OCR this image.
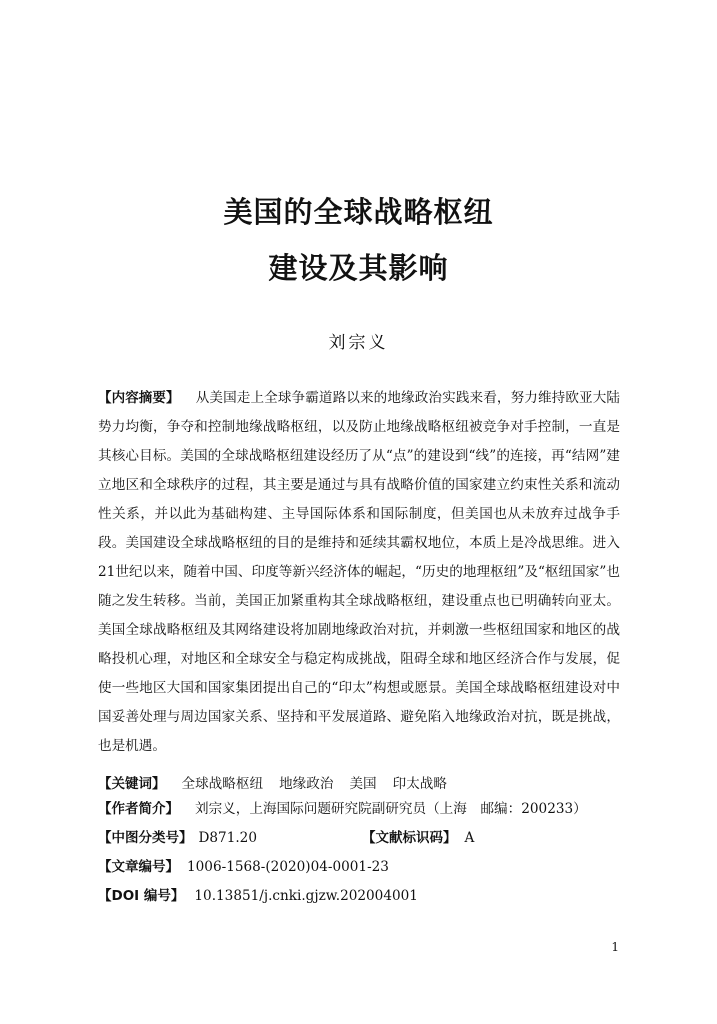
美国的全球战略枢纽
建设及其影响
刘宗义
【内容摘要】 从美国走上全球争霸道路以来的地缘政治实践来看，努力维持欧亚大陆势力均衡，争夺和控制地缘战略枢纽，以及防止地缘战略枢纽被竞争对手控制，一直是其核心目标。美国的全球战略枢纽建设经历了从“点”的建设到“线”的连接，再“结网”建立地区和全球秩序的过程，其主要是通过与具有战略价值的国家建立约束性关系和流动性关系，并以此为基础构建、主导国际体系和国际制度，但美国也从未放弃过战争手段。美国建设全球战略枢纽的目的是维持和延续其霸权地位，本质上是冷战思维。进入21世纪以来，随着中国、印度等新兴经济体的崛起，“历史的地理枢纽”及“枢纽国家”也随之发生转移。当前，美国正加紧重构其全球战略枢纽，建设重点也已明确转向亚太。美国全球战略枢纽及其网络建设将加剧地缘政治对抗，并刺激一些枢纽国家和地区的战略投机心理，对地区和全球安全与稳定构成挑战，阻碍全球和地区经济合作与发展，促使一些地区大国和国家集团提出自己的“印太”构想或愿景。美国全球战略枢纽建设对中国妥善处理与周边国家关系、坚持和平发展道路、避免陷入地缘政治对抗，既是挑战，也是机遇。
【关键词】 全球战略枢纽 地缘政治 美国 印太战略
【作者简介】 刘宗义，上海国际问题研究院副研究员（上海　邮编：200233）
【中图分类号】 D871.20	【文献标识码】 A
【文章编号】 1006-1568-(2020)04-0001-23
【DOI 编号】 10.13851/j.cnki.gjzw.202004001
1
